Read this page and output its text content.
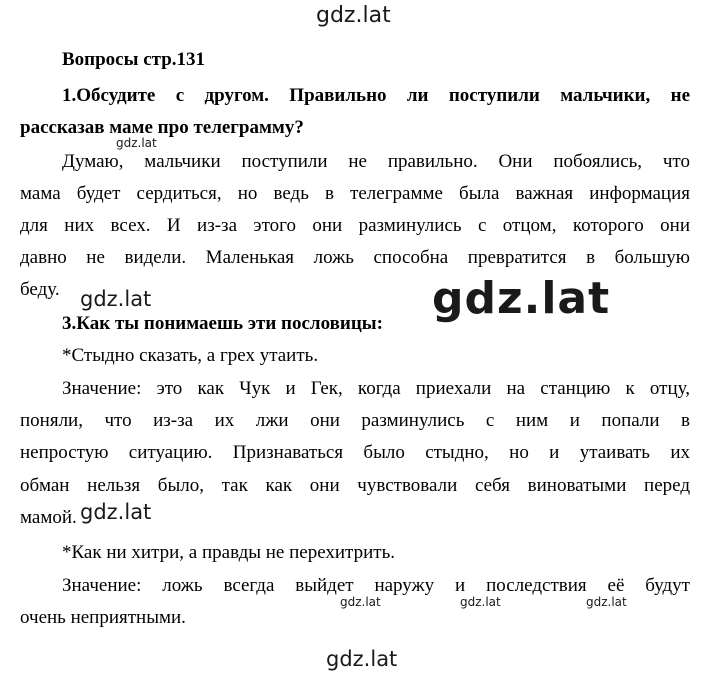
gdz.lat
Вопросы стр.131
1.Обсудите с другом. Правильно ли поступили мальчики, не
рассказав маме про телеграмму?
gdz.lat
Думаю, мальчики поступили не правильно. Они побоялись, что
мама будет сердиться, но ведь в телеграмме была важная информация
для них всех. И из-за этого они разминулись с отцом, которого они
давно не видели. Маленькая ложь способна превратится в большую
беду. gdz.lat	gdz.lat
3.Как ты понимаешь эти пословицы:
*Стыдно сказать, а грех утаить.
Значение: это как Чук и Гек, когда приехали на станцию к отцу,
поняли, что из-за их лжи они разминулись с ним и попали в
непростую ситуацию. Признаваться было стыдно, но и утаивать их
обман нельзя было, так как они чувствовали себя виноватыми перед
мамой. gdz.lat
*Как ни хитри, а правды не перехитрить.
Значение: ложь всегда выйдет наружу и последствия её будут
gdz.lat	gdz.lat	gdz.lat
очень неприятными.
gdz.lat
